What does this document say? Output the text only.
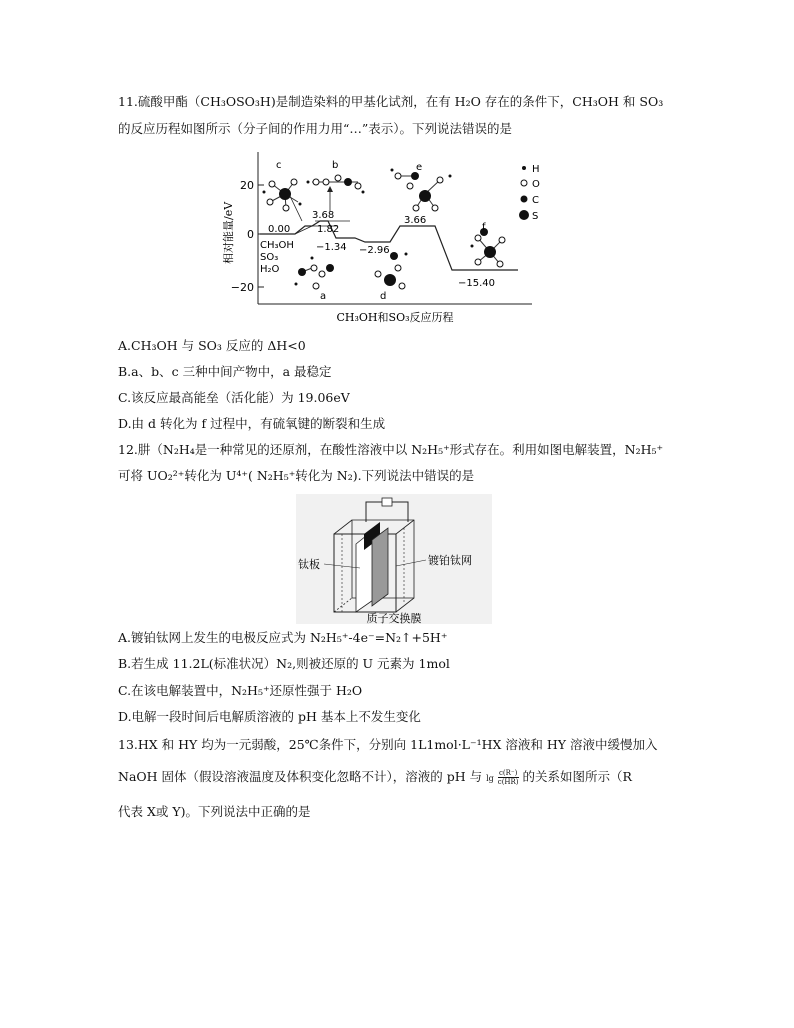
11.硫酸甲酯（CH₃OSO₃H)是制造染料的甲基化试剂，在有 H₂O 存在的条件下，CH₃OH 和 SO₃
的反应历程如图所示（分子间的作用力用“…”表示）。下列说法错误的是
20
0
−20
相对能量/eV
CH₃OH和SO₃反应历程
0.00
3.68
1.82
−1.34 −2.96
3.66
−15.40
CH₃OH
SO₃
H₂O
c	b	e
a	d
f
H
O
C
S
A.CH₃OH 与 SO₃ 反应的 ΔH<0
B.a、b、c 三种中间产物中，a 最稳定
C.该反应最高能垒（活化能）为 19.06eV
D.由 d 转化为 f 过程中，有硫氧键的断裂和生成
12.肼（N₂H₄是一种常见的还原剂，在酸性溶液中以 N₂H₅⁺形式存在。利用如图电解装置，N₂H₅⁺
可将 UO₂²⁺转化为 U⁴⁺( N₂H₅⁺转化为 N₂).下列说法中错误的是
钛板	镀铂钛网
质子交换膜
A.镀铂钛网上发生的电极反应式为 N₂H₅⁺-4e⁻=N₂↑+5H⁺
B.若生成 11.2L(标准状况）N₂,则被还原的 U 元素为 1mol
C.在该电解装置中，N₂H₅⁺还原性强于 H₂O
D.电解一段时间后电解质溶液的 pH 基本上不发生变化
13.HX 和 HY 均为一元弱酸，25℃条件下，分别向 1L1mol·L⁻¹HX 溶液和 HY 溶液中缓慢加入
NaOH 固体（假设溶液温度及体积变化忽略不计），溶液的 pH 与 $\lg \frac{c(R^-)}{c(HR)}$ 的关系如图所示（R
代表 X或 Y)。下列说法中正确的是
